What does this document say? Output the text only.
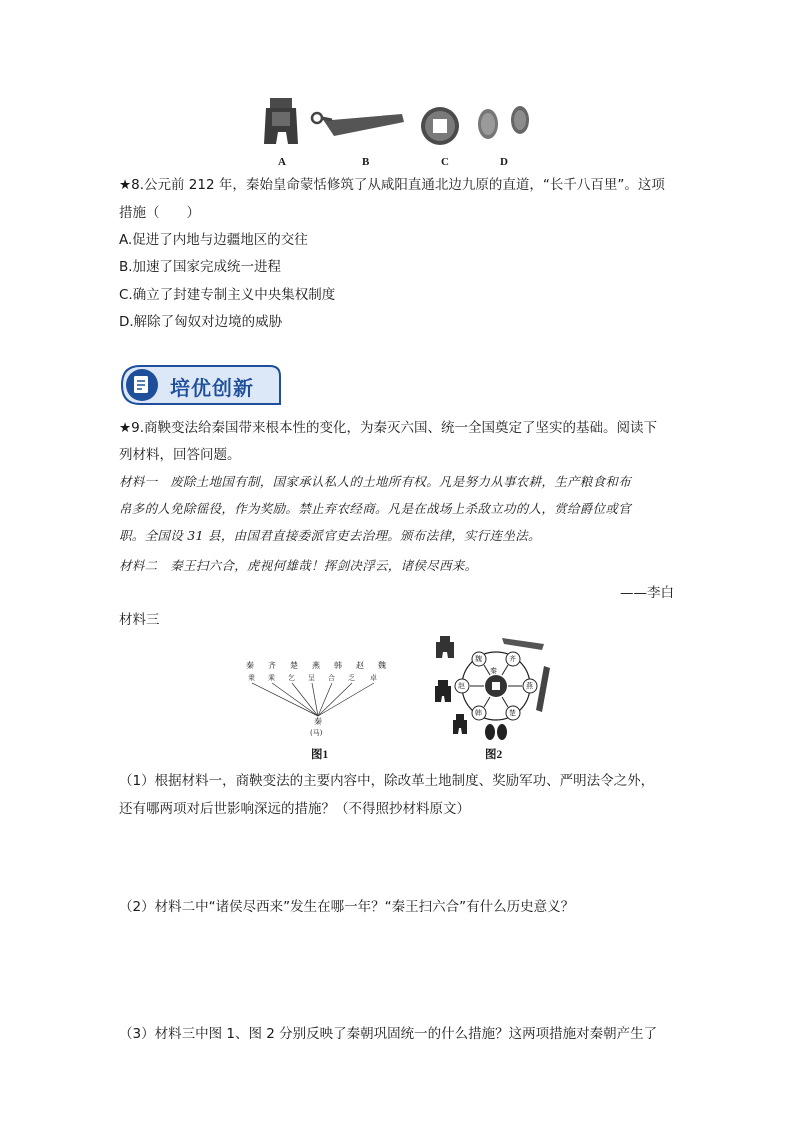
A	B	C	D
★8.公元前 212 年，秦始皇命蒙恬修筑了从咸阳直通北边九原的直道，“长千八百里”。这项
措施（　　）
A.促进了内地与边疆地区的交往
B.加速了国家完成统一进程
C.确立了封建专制主义中央集权制度
D.解除了匈奴对边境的威胁
培优创新
★9.商鞅变法给秦国带来根本性的变化，为秦灭六国、统一全国奠定了坚实的基础。阅读下
列材料，回答问题。
材料一　废除土地国有制，国家承认私人的土地所有权。凡是努力从事农耕，生产粮食和布
帛多的人免除徭役，作为奖励。禁止弃农经商。凡是在战场上杀敌立功的人，赏给爵位或官
职。全国设 31 县，由国君直接委派官吏去治理。颁布法律，实行连坐法。
材料二　秦王扫六合，虎视何雄哉！挥剑决浮云，诸侯尽西来。
——李白
材料三
秦 齐 楚 燕 韩 赵 魏
乗 乘 乞 呈 合 乏 卓
秦
(马)
图1
秦
魏	齐
燕
楚
韩
赵
图2
（1）根据材料一，商鞅变法的主要内容中，除改革土地制度、奖励军功、严明法令之外，
还有哪两项对后世影响深远的措施？（不得照抄材料原文）
（2）材料二中“诸侯尽西来”发生在哪一年？“秦王扫六合”有什么历史意义？
（3）材料三中图 1、图 2 分别反映了秦朝巩固统一的什么措施？这两项措施对秦朝产生了
